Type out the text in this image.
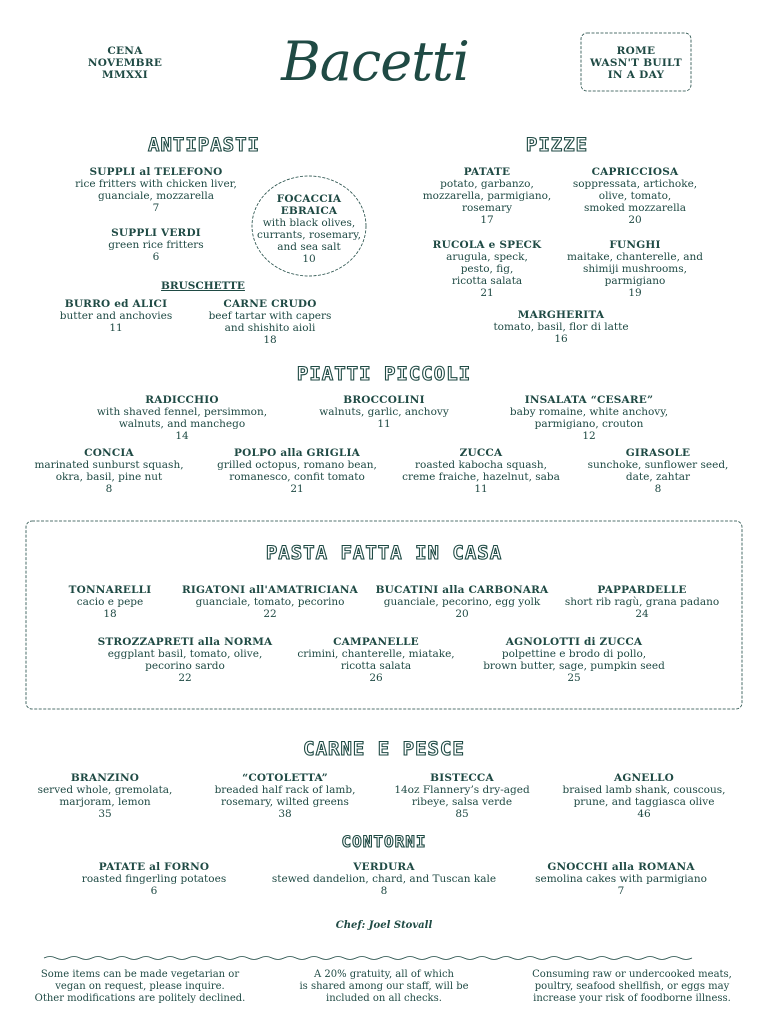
CENA
NOVEMBRE
MMXXI	Bacetti	ROME
WASN'T BUILT
IN A DAY
ANTIPASTI	PIZZE
PIATTI PICCOLI
PASTA FATTA IN CASA
CARNE E PESCE
CONTORNI
SUPPLI al TELEFONO
rice fritters with chicken liver,
guanciale, mozzarella
7
SUPPLI VERDI
green rice fritters
6
FOCACCIA EBRAICA
with black olives,
currants, rosemary,
and sea salt
10
BRUSCHETTE
BURRO ed ALICI
butter and anchovies
11
CARNE CRUDO
beef tartar with capers
and shishito aioli
18
PATATE
potato, garbanzo,
mozzarella, parmigiano,
rosemary
17
CAPRICCIOSA
soppressata, artichoke,
olive, tomato,
smoked mozzarella
20
RUCOLA e SPECK
arugula, speck,
pesto, fig,
ricotta salata
21
FUNGHI
maitake, chanterelle, and
shimiji mushrooms,
parmigiano
19
MARGHERITA
tomato, basil, flor di latte
16
RADICCHIO
with shaved fennel, persimmon,
walnuts, and manchego
14
BROCCOLINI
walnuts, garlic, anchovy
11
INSALATA “CESARE”
baby romaine, white anchovy,
parmigiano, crouton
12
CONCIA
marinated sunburst squash,
okra, basil, pine nut
8
POLPO alla GRIGLIA
grilled octopus, romano bean,
romanesco, confit tomato
21
ZUCCA
roasted kabocha squash,
creme fraiche, hazelnut, saba
11
GIRASOLE
sunchoke, sunflower seed,
date, zahtar
8
TONNARELLI
cacio e pepe
18
RIGATONI all'AMATRICIANA
guanciale, tomato, pecorino
22
BUCATINI alla CARBONARA
guanciale, pecorino, egg yolk
20
PAPPARDELLE
short rib ragù, grana padano
24
STROZZAPRETI alla NORMA
eggplant basil, tomato, olive,
pecorino sardo
22
CAMPANELLE
crimini, chanterelle, miatake,
ricotta salata
26
AGNOLOTTI di ZUCCA
polpettine e brodo di pollo,
brown butter, sage, pumpkin seed
25
BRANZINO
served whole, gremolata,
marjoram, lemon
35
“COTOLETTA”
breaded half rack of lamb,
rosemary, wilted greens
38
BISTECCA
14oz Flannery’s dry-aged
ribeye, salsa verde
85
AGNELLO
braised lamb shank, couscous,
prune, and taggiasca olive
46
PATATE al FORNO
roasted fingerling potatoes
6
VERDURA
stewed dandelion, chard, and Tuscan kale
8
GNOCCHI alla ROMANA
semolina cakes with parmigiano
7
Chef: Joel Stovall
Some items can be made vegetarian or
vegan on request, please inquire.
Other modifications are politely declined.
A 20% gratuity, all of which
is shared among our staff, will be
included on all checks.
Consuming raw or undercooked meats,
poultry, seafood shellfish, or eggs may
increase your risk of foodborne illness.
